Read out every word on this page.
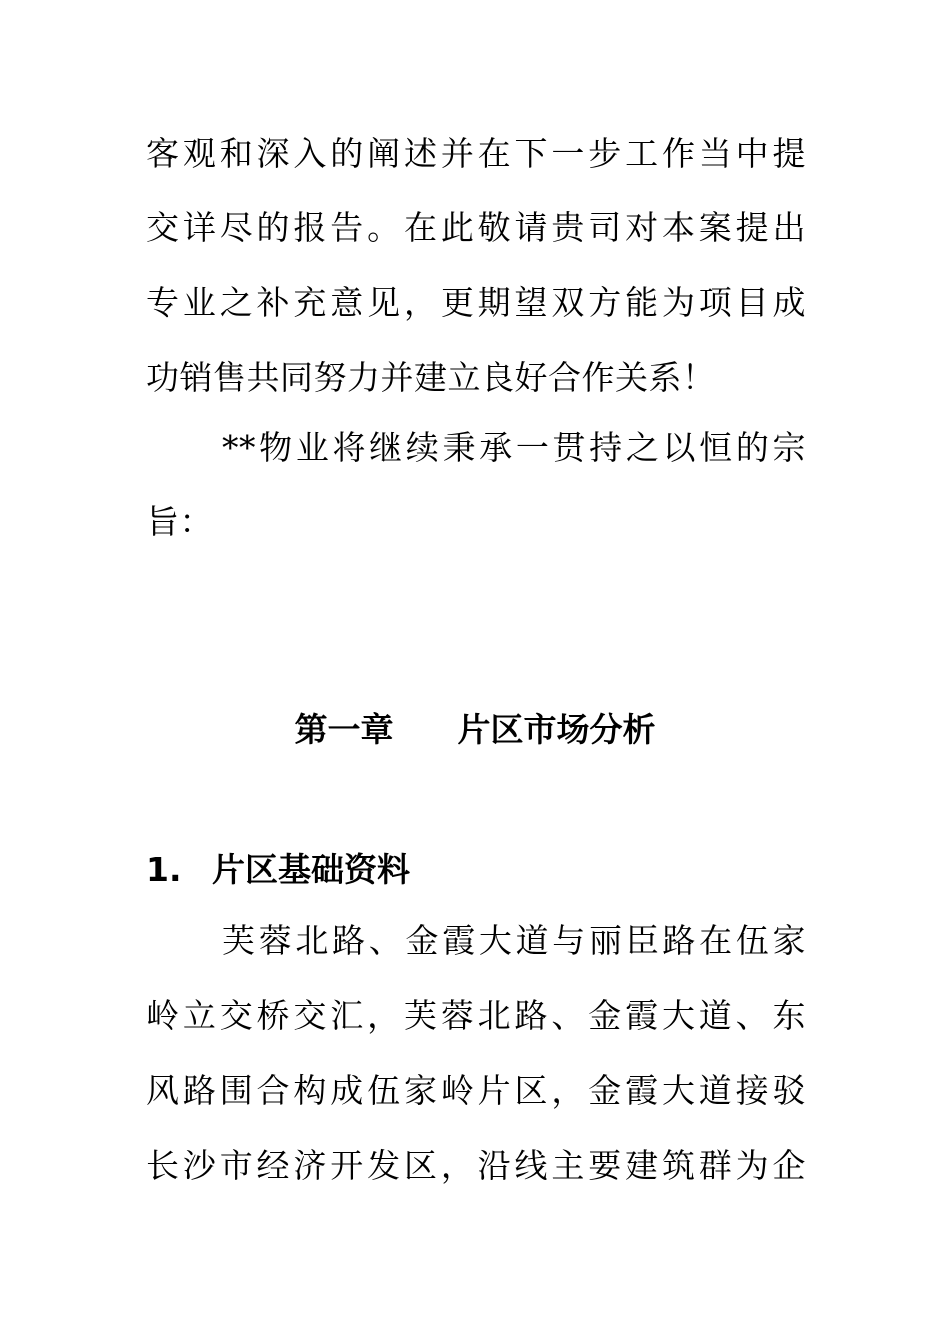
客观和深入的阐述并在下一步工作当中提
交详尽的报告。在此敬请贵司对本案提出
专业之补充意见，更期望双方能为项目成
功销售共同努力并建立良好合作关系！
**物业将继续秉承一贯持之以恒的宗
旨：
第一章 片区市场分析
1. 片区基础资料
芙蓉北路、金霞大道与丽臣路在伍家
岭立交桥交汇，芙蓉北路、金霞大道、东
风路围合构成伍家岭片区，金霞大道接驳
长沙市经济开发区，沿线主要建筑群为企
